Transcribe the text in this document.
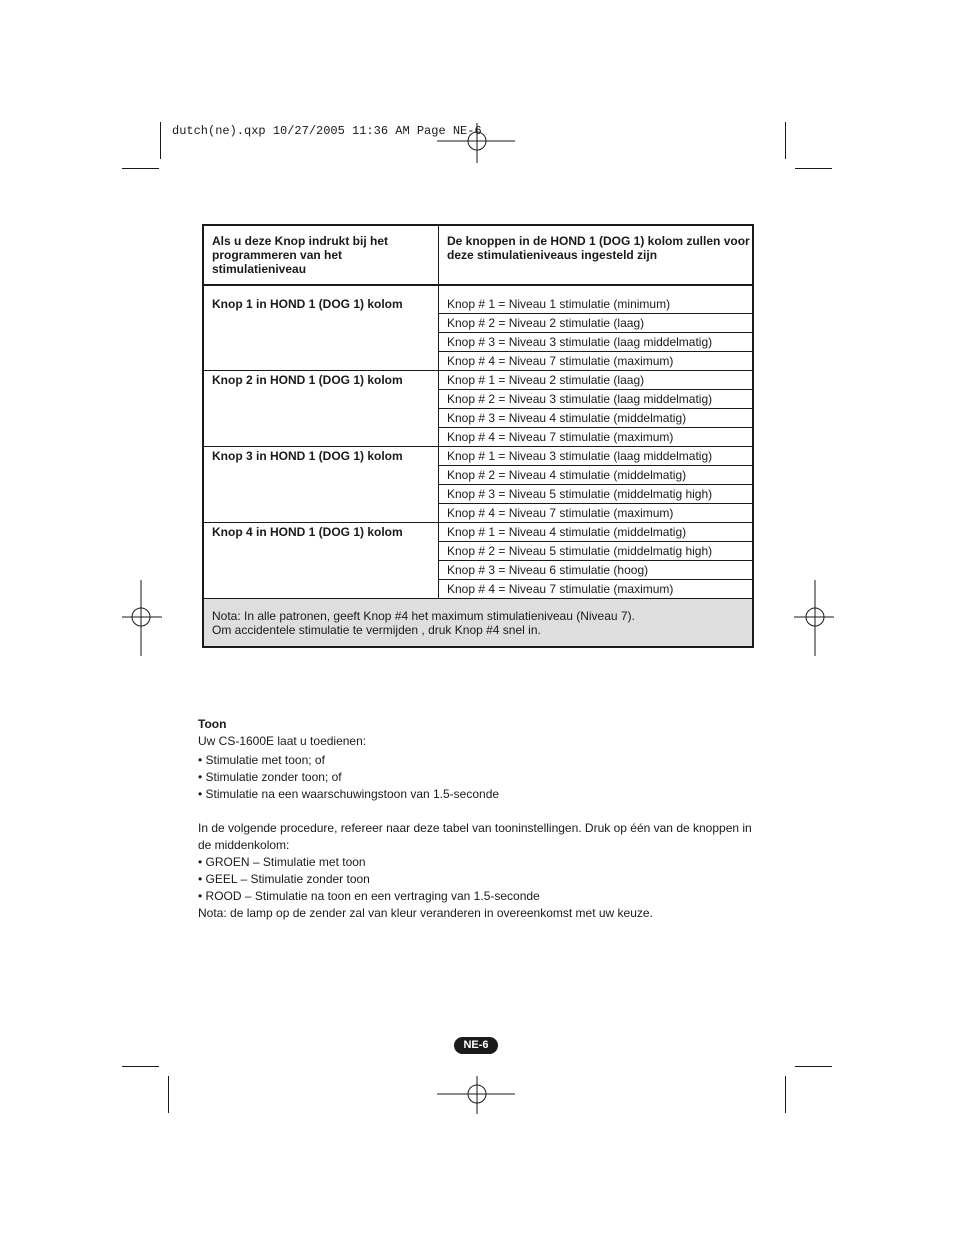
dutch(ne).qxp 10/27/2005 11:36 AM Page NE-6
Als u deze Knop indrukt bij het programmeren van het stimulatieniveau	De knoppen in de HOND 1 (DOG 1) kolom zullen voor deze stimulatieniveaus ingesteld zijn
Knop 1 in HOND 1 (DOG 1) kolom	Knop # 1 = Niveau 1 stimulatie (minimum)
	Knop # 2 = Niveau 2 stimulatie (laag)
	Knop # 3 = Niveau 3 stimulatie (laag middelmatig)
	Knop # 4 = Niveau 7 stimulatie (maximum)
Knop 2 in HOND 1 (DOG 1) kolom	Knop # 1 = Niveau 2 stimulatie (laag)
	Knop # 2 = Niveau 3 stimulatie (laag middelmatig)
	Knop # 3 = Niveau 4 stimulatie (middelmatig)
	Knop # 4 = Niveau 7 stimulatie (maximum)
Knop 3 in HOND 1 (DOG 1) kolom	Knop # 1 = Niveau 3 stimulatie (laag middelmatig)
	Knop # 2 = Niveau 4 stimulatie (middelmatig)
	Knop # 3 = Niveau 5 stimulatie (middelmatig high)
	Knop # 4 = Niveau 7 stimulatie (maximum)
Knop 4 in HOND 1 (DOG 1) kolom	Knop # 1 = Niveau 4 stimulatie (middelmatig)
	Knop # 2 = Niveau 5 stimulatie (middelmatig high)
	Knop # 3 = Niveau 6 stimulatie (hoog)
	Knop # 4 = Niveau 7 stimulatie (maximum)

Nota: In alle patronen, geeft Knop #4 het maximum stimulatieniveau (Niveau 7).
Om accidentele stimulatie te vermijden , druk Knop #4 snel in.	
Toon
Uw CS-1600E laat u toedienen:
• Stimulatie met toon; of
• Stimulatie zonder toon; of
• Stimulatie na een waarschuwingstoon van 1.5-seconde
In de volgende procedure, refereer naar deze tabel van tooninstellingen. Druk op één van de knoppen in
de middenkolom:
• GROEN – Stimulatie met toon
• GEEL – Stimulatie zonder toon
• ROOD – Stimulatie na toon en een vertraging van 1.5-seconde
Nota: de lamp op de zender zal van kleur veranderen in overeenkomst met uw keuze.
NE-6
